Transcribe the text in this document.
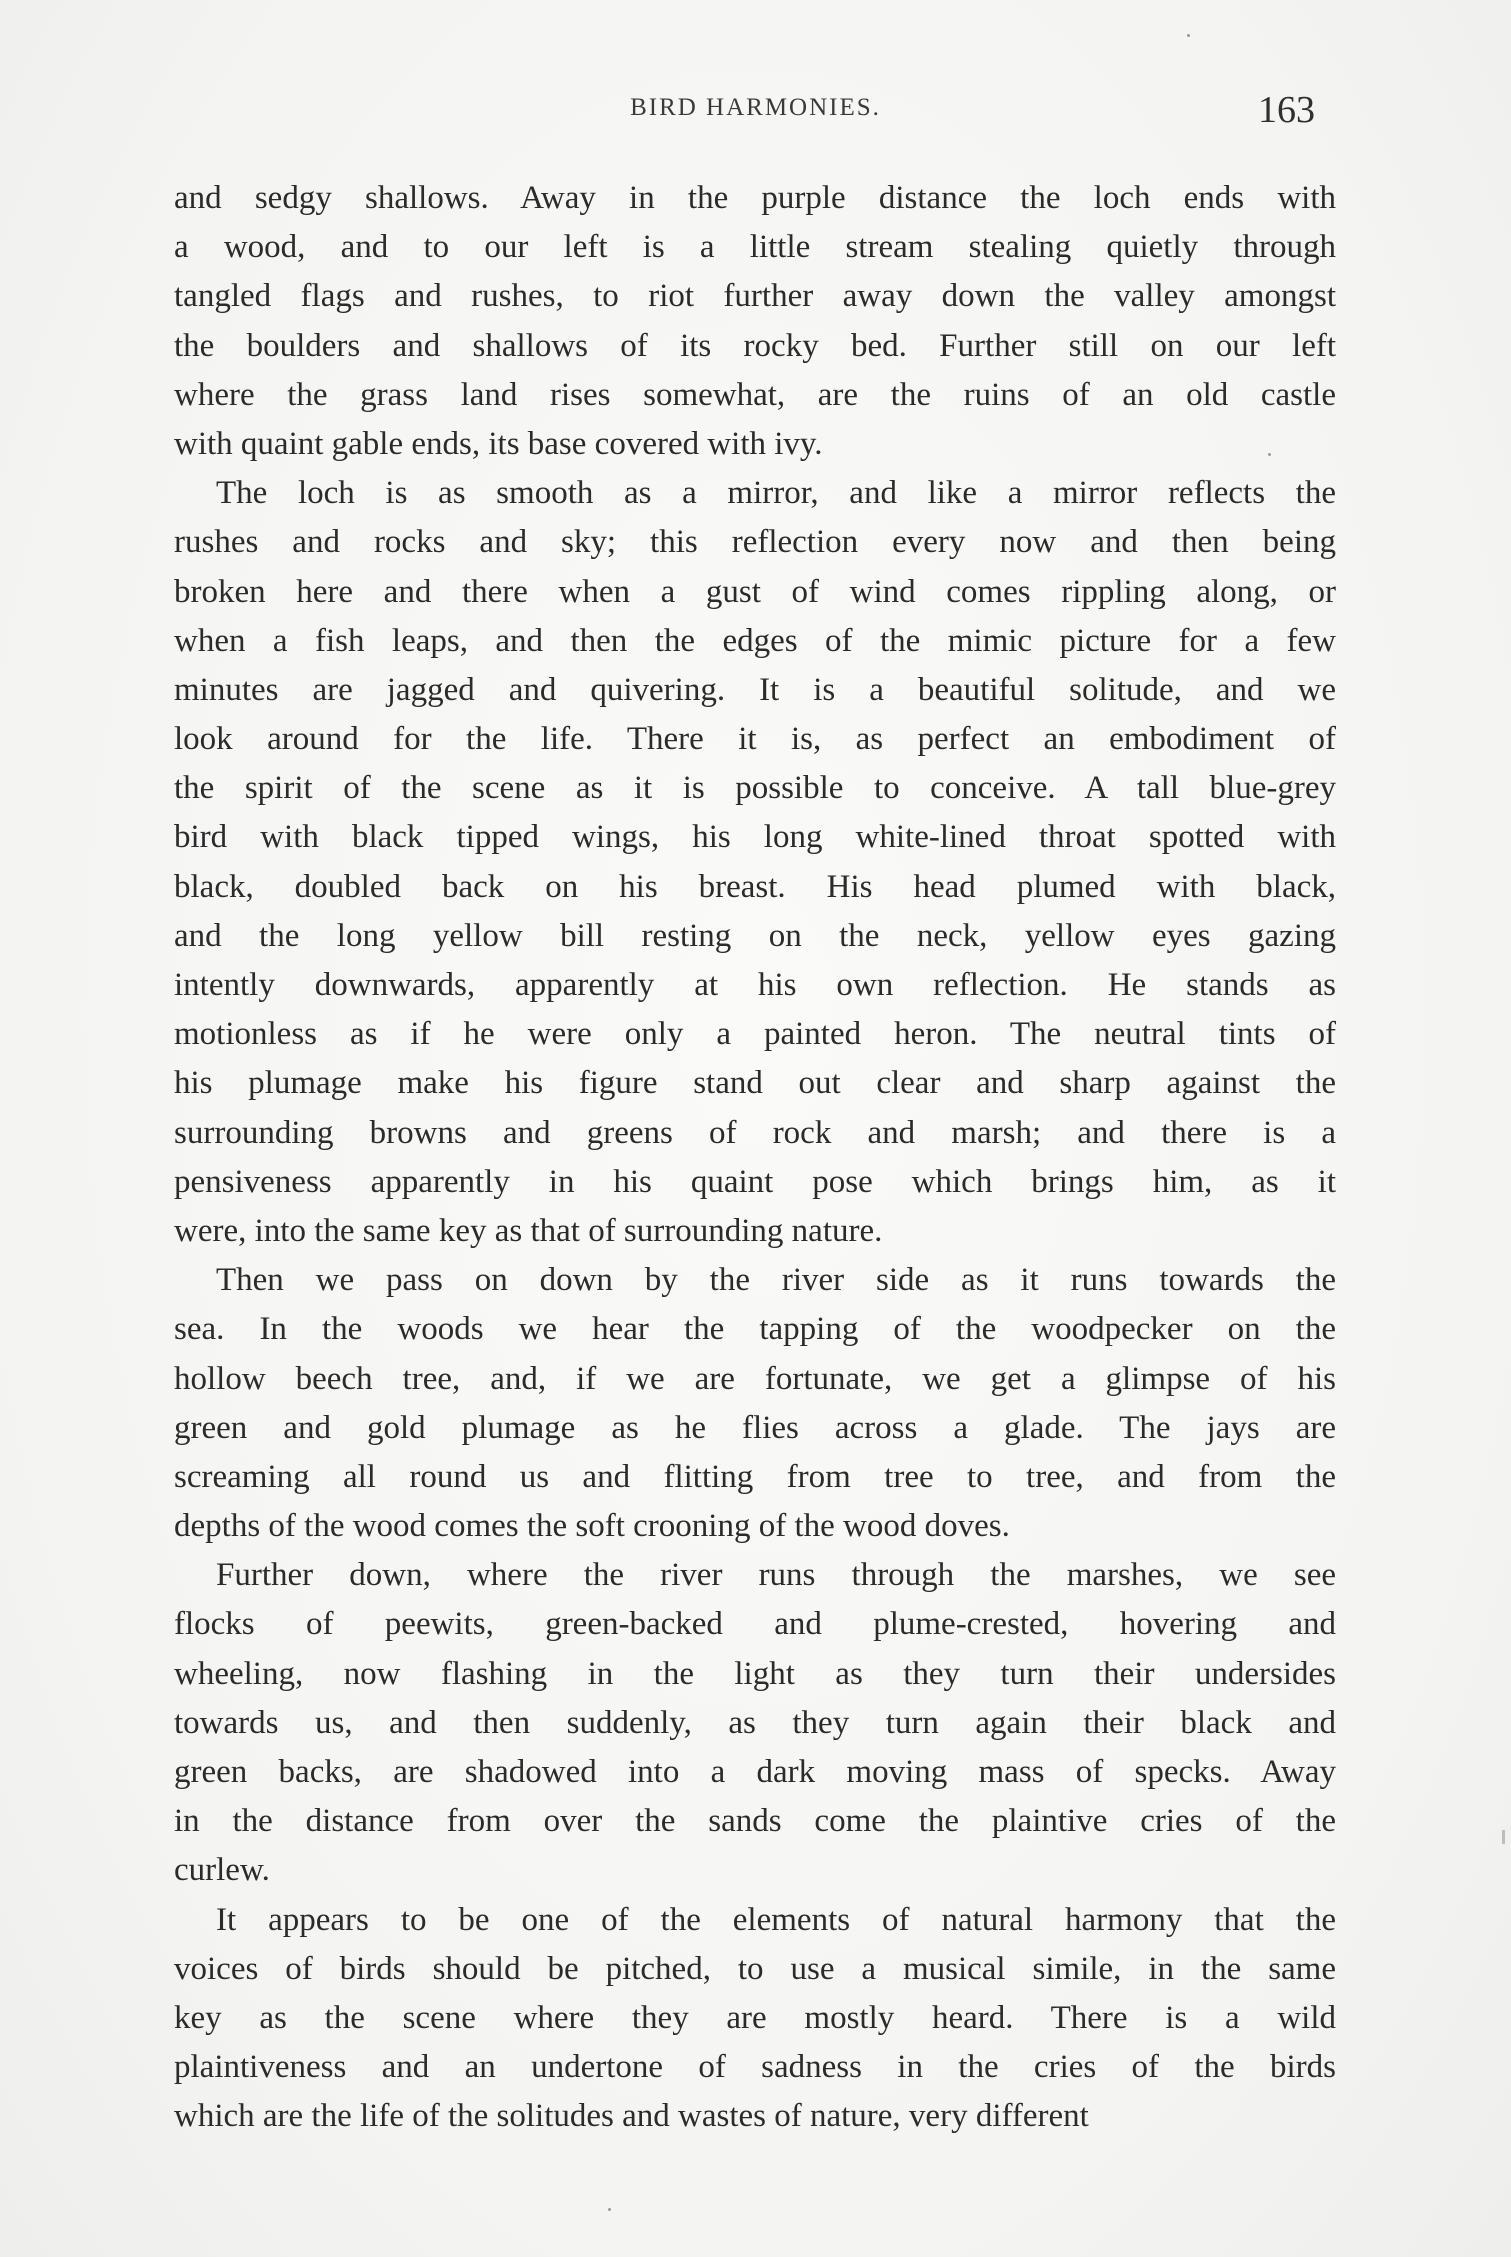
BIRD HARMONIES.	163
and sedgy shallows. Away in the purple distance the loch ends with
a wood, and to our left is a little stream stealing quietly through
tangled flags and rushes, to riot further away down the valley amongst
the boulders and shallows of its rocky bed. Further still on our left
where the grass land rises somewhat, are the ruins of an old castle
with quaint gable ends, its base covered with ivy.
The loch is as smooth as a mirror, and like a mirror reflects the
rushes and rocks and sky; this reflection every now and then being
broken here and there when a gust of wind comes rippling along, or
when a fish leaps, and then the edges of the mimic picture for a few
minutes are jagged and quivering. It is a beautiful solitude, and we
look around for the life. There it is, as perfect an embodiment of
the spirit of the scene as it is possible to conceive. A tall blue-grey
bird with black tipped wings, his long white-lined throat spotted with
black, doubled back on his breast. His head plumed with black,
and the long yellow bill resting on the neck, yellow eyes gazing
intently downwards, apparently at his own reflection. He stands as
motionless as if he were only a painted heron. The neutral tints of
his plumage make his figure stand out clear and sharp against the
surrounding browns and greens of rock and marsh; and there is a
pensiveness apparently in his quaint pose which brings him, as it
were, into the same key as that of surrounding nature.
Then we pass on down by the river side as it runs towards the
sea. In the woods we hear the tapping of the woodpecker on the
hollow beech tree, and, if we are fortunate, we get a glimpse of his
green and gold plumage as he flies across a glade. The jays are
screaming all round us and flitting from tree to tree, and from the
depths of the wood comes the soft crooning of the wood doves.
Further down, where the river runs through the marshes, we see
flocks of peewits, green-backed and plume-crested, hovering and
wheeling, now flashing in the light as they turn their undersides
towards us, and then suddenly, as they turn again their black and
green backs, are shadowed into a dark moving mass of specks. Away
in the distance from over the sands come the plaintive cries of the
curlew.
It appears to be one of the elements of natural harmony that the
voices of birds should be pitched, to use a musical simile, in the same
key as the scene where they are mostly heard. There is a wild
plaintiveness and an undertone of sadness in the cries of the birds
which are the life of the solitudes and wastes of nature, very different
